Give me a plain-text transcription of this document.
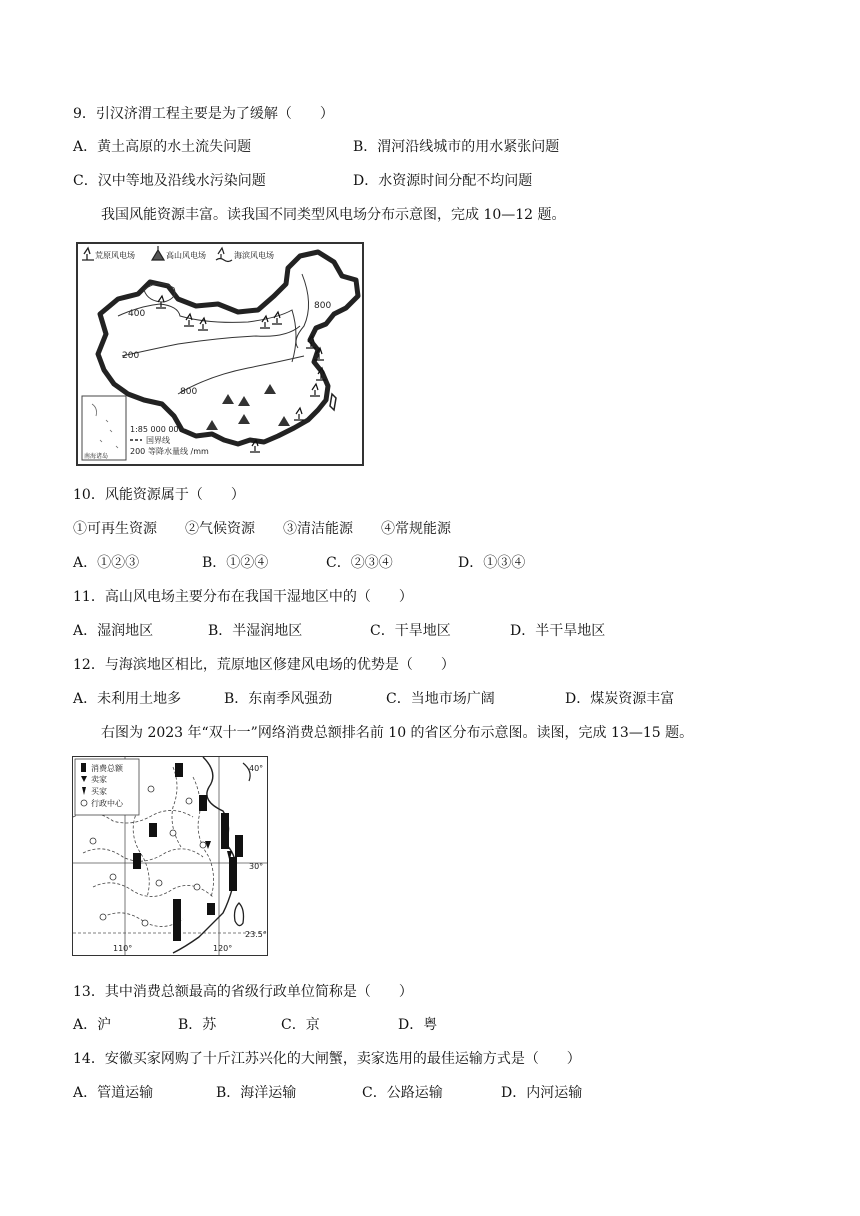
9．引汉济渭工程主要是为了缓解（　　）
A．黄土高原的水土流失问题	B．渭河沿线城市的用水紧张问题
C．汉中等地及沿线水污染问题	D．水资源时间分配不均问题
我国风能资源丰富。读我国不同类型风电场分布示意图，完成 10—12 题。
荒原风电场	高山风电场	海滨风电场
800
400
200
800
南海诸岛
1:85 000 000
国界线
200 等降水量线 /mm
10．风能资源属于（　　）
①可再生资源　　②气候资源　　③清洁能源　　④常规能源
A．①②③	B．①②④	C．②③④	D．①③④
11．高山风电场主要分布在我国干湿地区中的（　　）
A．湿润地区	B．半湿润地区	C．干旱地区	D．半干旱地区
12．与海滨地区相比，荒原地区修建风电场的优势是（　　）
A．未利用土地多	B．东南季风强劲	C．当地市场广阔	D．煤炭资源丰富
右图为 2023 年“双十一”网络消费总额排名前 10 的省区分布示意图。读图，完成 13—15 题。
消费总额
卖家
买家
行政中心
40°
30°
23.5°
110°	120°
13．其中消费总额最高的省级行政单位简称是（　　）
A．沪	B．苏	C．京	D．粤
14．安徽买家网购了十斤江苏兴化的大闸蟹，卖家选用的最佳运输方式是（　　）
A．管道运输	B．海洋运输	C．公路运输	D．内河运输
